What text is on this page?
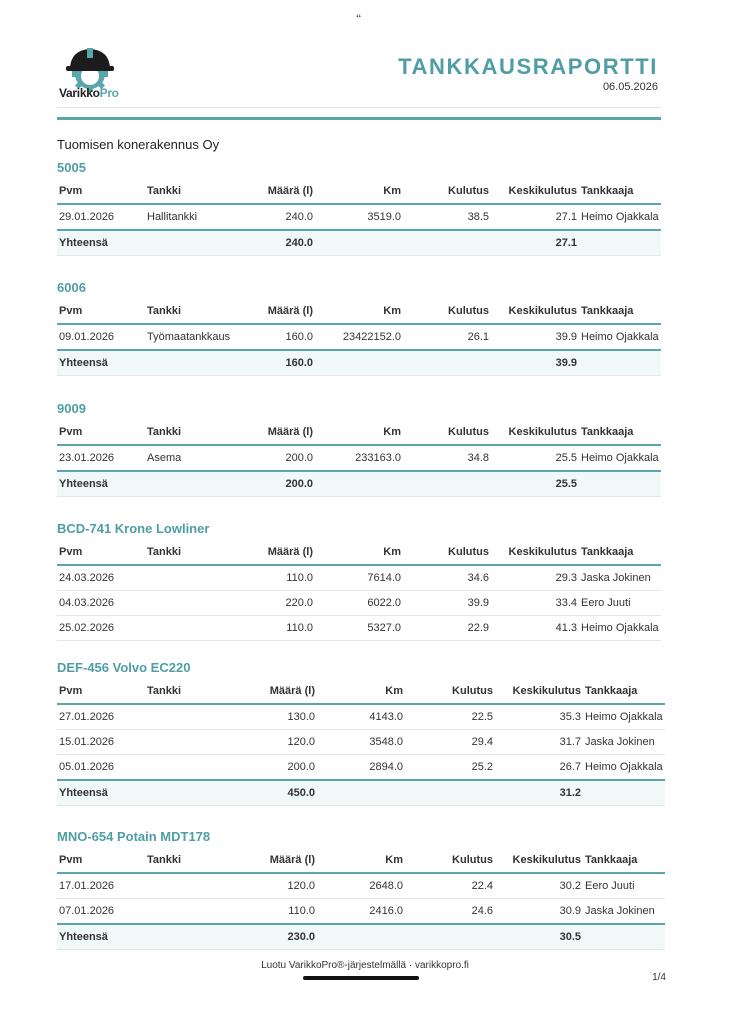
‘‘
VarikkoPro
TANKKAUSRAPORTTI
06.05.2026
Tuomisen konerakennus Oy
5005
Pvm	Tankki	Määrä (l)	Km	Kulutus	Keskikulutus	Tankkaaja
29.01.2026	Hallitankki	240.0	3519.0	38.5	27.1	Heimo Ojakkala
Yhteensä		240.0			27.1	
6006
Pvm	Tankki	Määrä (l)	Km	Kulutus	Keskikulutus	Tankkaaja
09.01.2026	Työmaatankkaus	160.0	23422152.0	26.1	39.9	Heimo Ojakkala
Yhteensä		160.0			39.9	
9009
Pvm	Tankki	Määrä (l)	Km	Kulutus	Keskikulutus	Tankkaaja
23.01.2026	Asema	200.0	233163.0	34.8	25.5	Heimo Ojakkala
Yhteensä		200.0			25.5	
BCD-741 Krone Lowliner
Pvm	Tankki	Määrä (l)	Km	Kulutus	Keskikulutus	Tankkaaja
24.03.2026		110.0	7614.0	34.6	29.3	Jaska Jokinen
04.03.2026		220.0	6022.0	39.9	33.4	Eero Juuti
25.02.2026		110.0	5327.0	22.9	41.3	Heimo Ojakkala
DEF-456 Volvo EC220
Pvm	Tankki	Määrä (l)	Km	Kulutus	Keskikulutus	Tankkaaja
27.01.2026		130.0	4143.0	22.5	35.3	Heimo Ojakkala
15.01.2026		120.0	3548.0	29.4	31.7	Jaska Jokinen
05.01.2026		200.0	2894.0	25.2	26.7	Heimo Ojakkala
Yhteensä		450.0			31.2	
MNO-654 Potain MDT178
Pvm	Tankki	Määrä (l)	Km	Kulutus	Keskikulutus	Tankkaaja
17.01.2026		120.0	2648.0	22.4	30.2	Eero Juuti
07.01.2026		110.0	2416.0	24.6	30.9	Jaska Jokinen
Yhteensä		230.0			30.5	
Luotu VarikkoPro®-järjestelmällä · varikkopro.fi
1/4
